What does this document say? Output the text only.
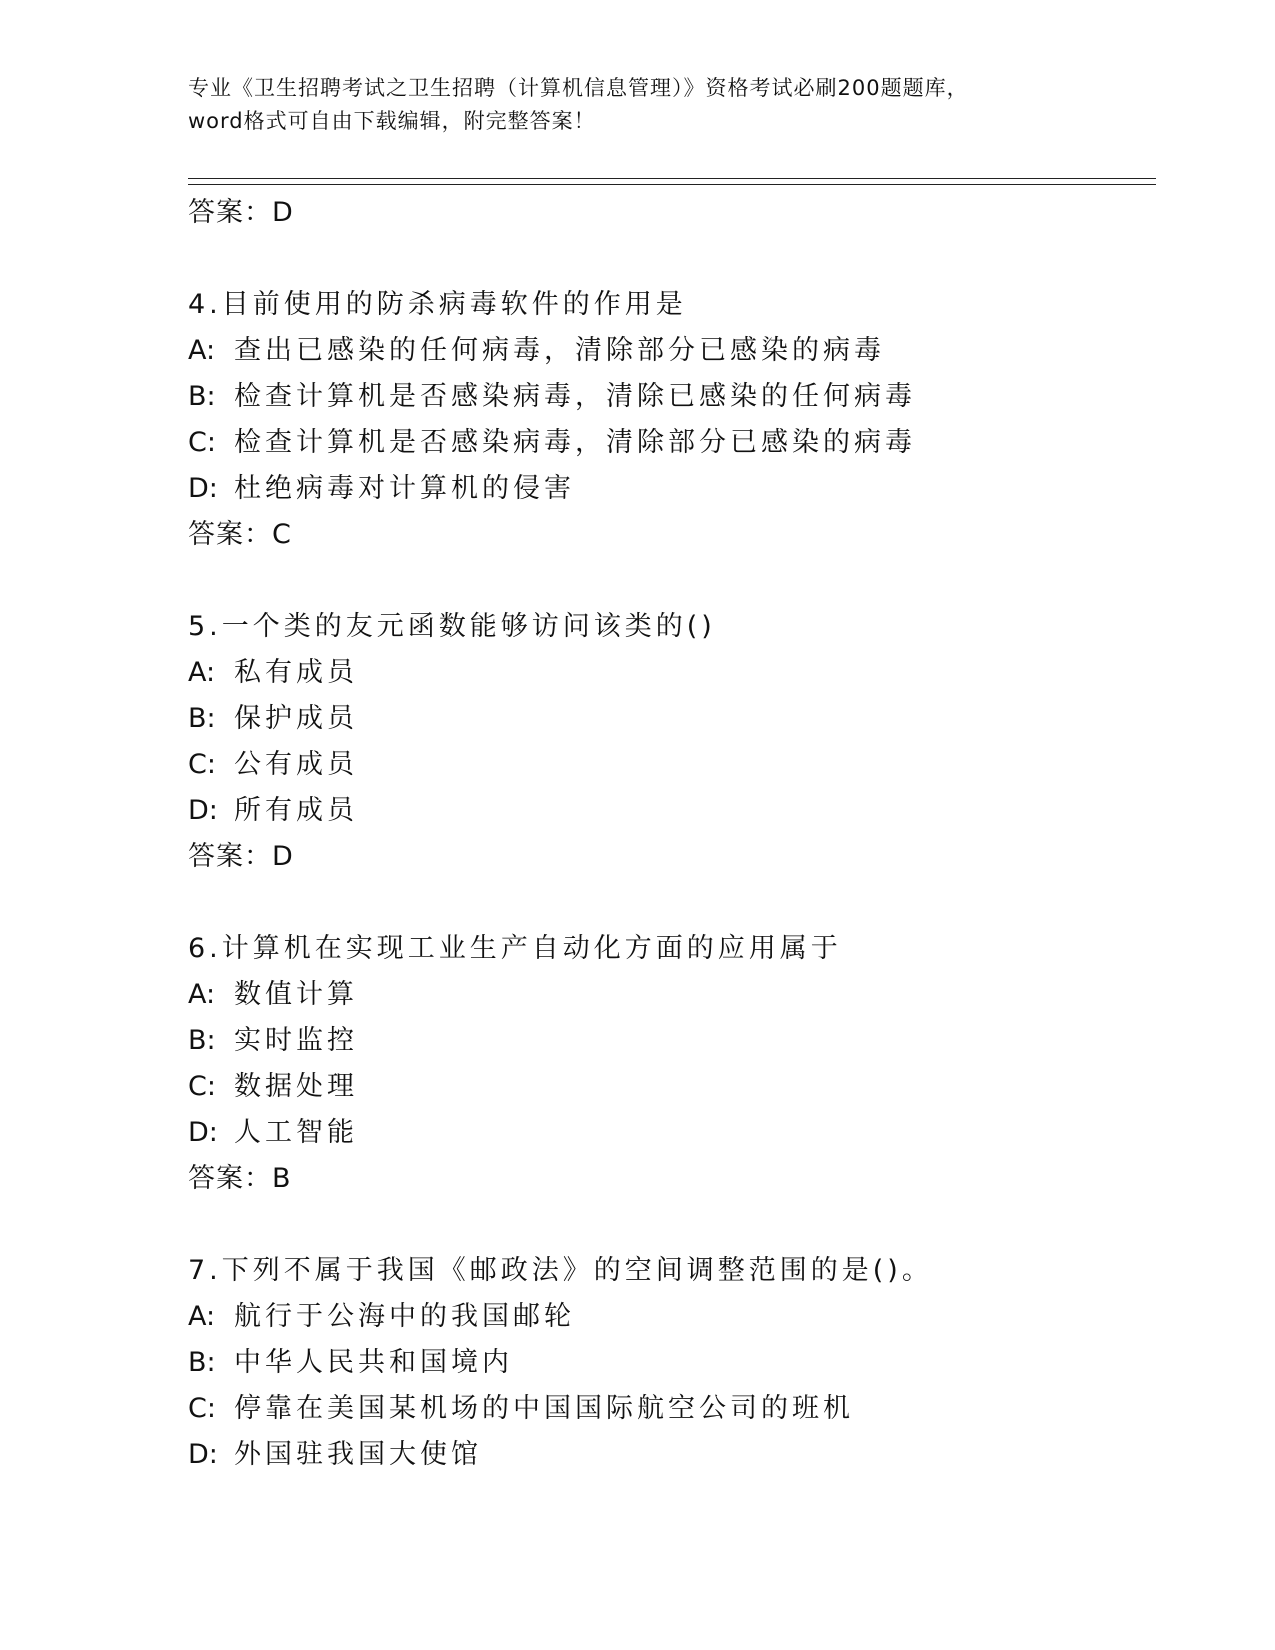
专业《卫生招聘考试之卫生招聘（计算机信息管理）》资格考试必刷200题题库，
word格式可自由下载编辑，附完整答案！
答案：D
4.目前使用的防杀病毒软件的作用是
A: 查出已感染的任何病毒，清除部分已感染的病毒
B: 检查计算机是否感染病毒，清除已感染的任何病毒
C: 检查计算机是否感染病毒，清除部分已感染的病毒
D: 杜绝病毒对计算机的侵害
答案：C
5.一个类的友元函数能够访问该类的()
A: 私有成员
B: 保护成员
C: 公有成员
D: 所有成员
答案：D
6.计算机在实现工业生产自动化方面的应用属于
A: 数值计算
B: 实时监控
C: 数据处理
D: 人工智能
答案：B
7.下列不属于我国《邮政法》的空间调整范围的是()。
A: 航行于公海中的我国邮轮
B: 中华人民共和国境内
C: 停靠在美国某机场的中国国际航空公司的班机
D: 外国驻我国大使馆
